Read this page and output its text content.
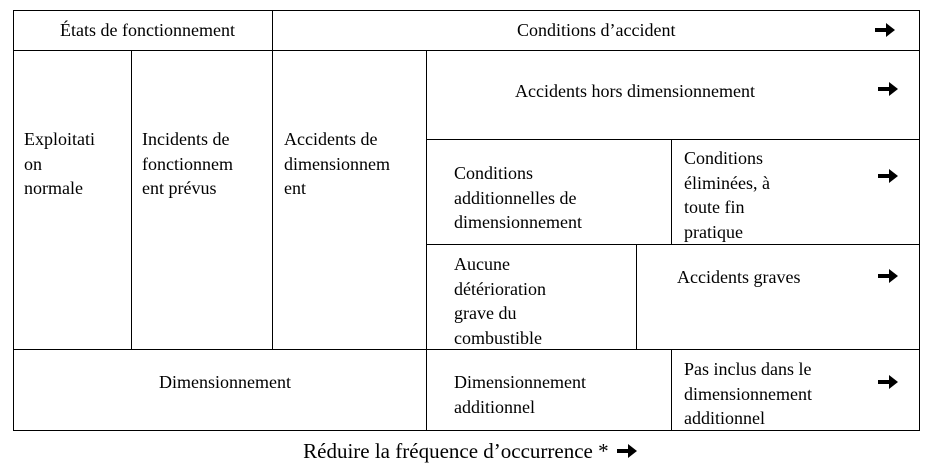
États de fonctionnement	Conditions d’accident

Exploitati
on
normale

Incidents de
fonctionnem
ent prévus

Accidents de
dimensionnem
ent

Accidents hors dimensionnement

Conditions
additionnelles de
dimensionnement

Conditions
éliminées, à
toute fin
pratique

Aucune
détérioration
grave du
combustible

Accidents graves

Dimensionnement	Dimensionnement
additionnel

Pas inclus dans le
dimensionnement
additionnel

Réduire la fréquence d’occurrence *
